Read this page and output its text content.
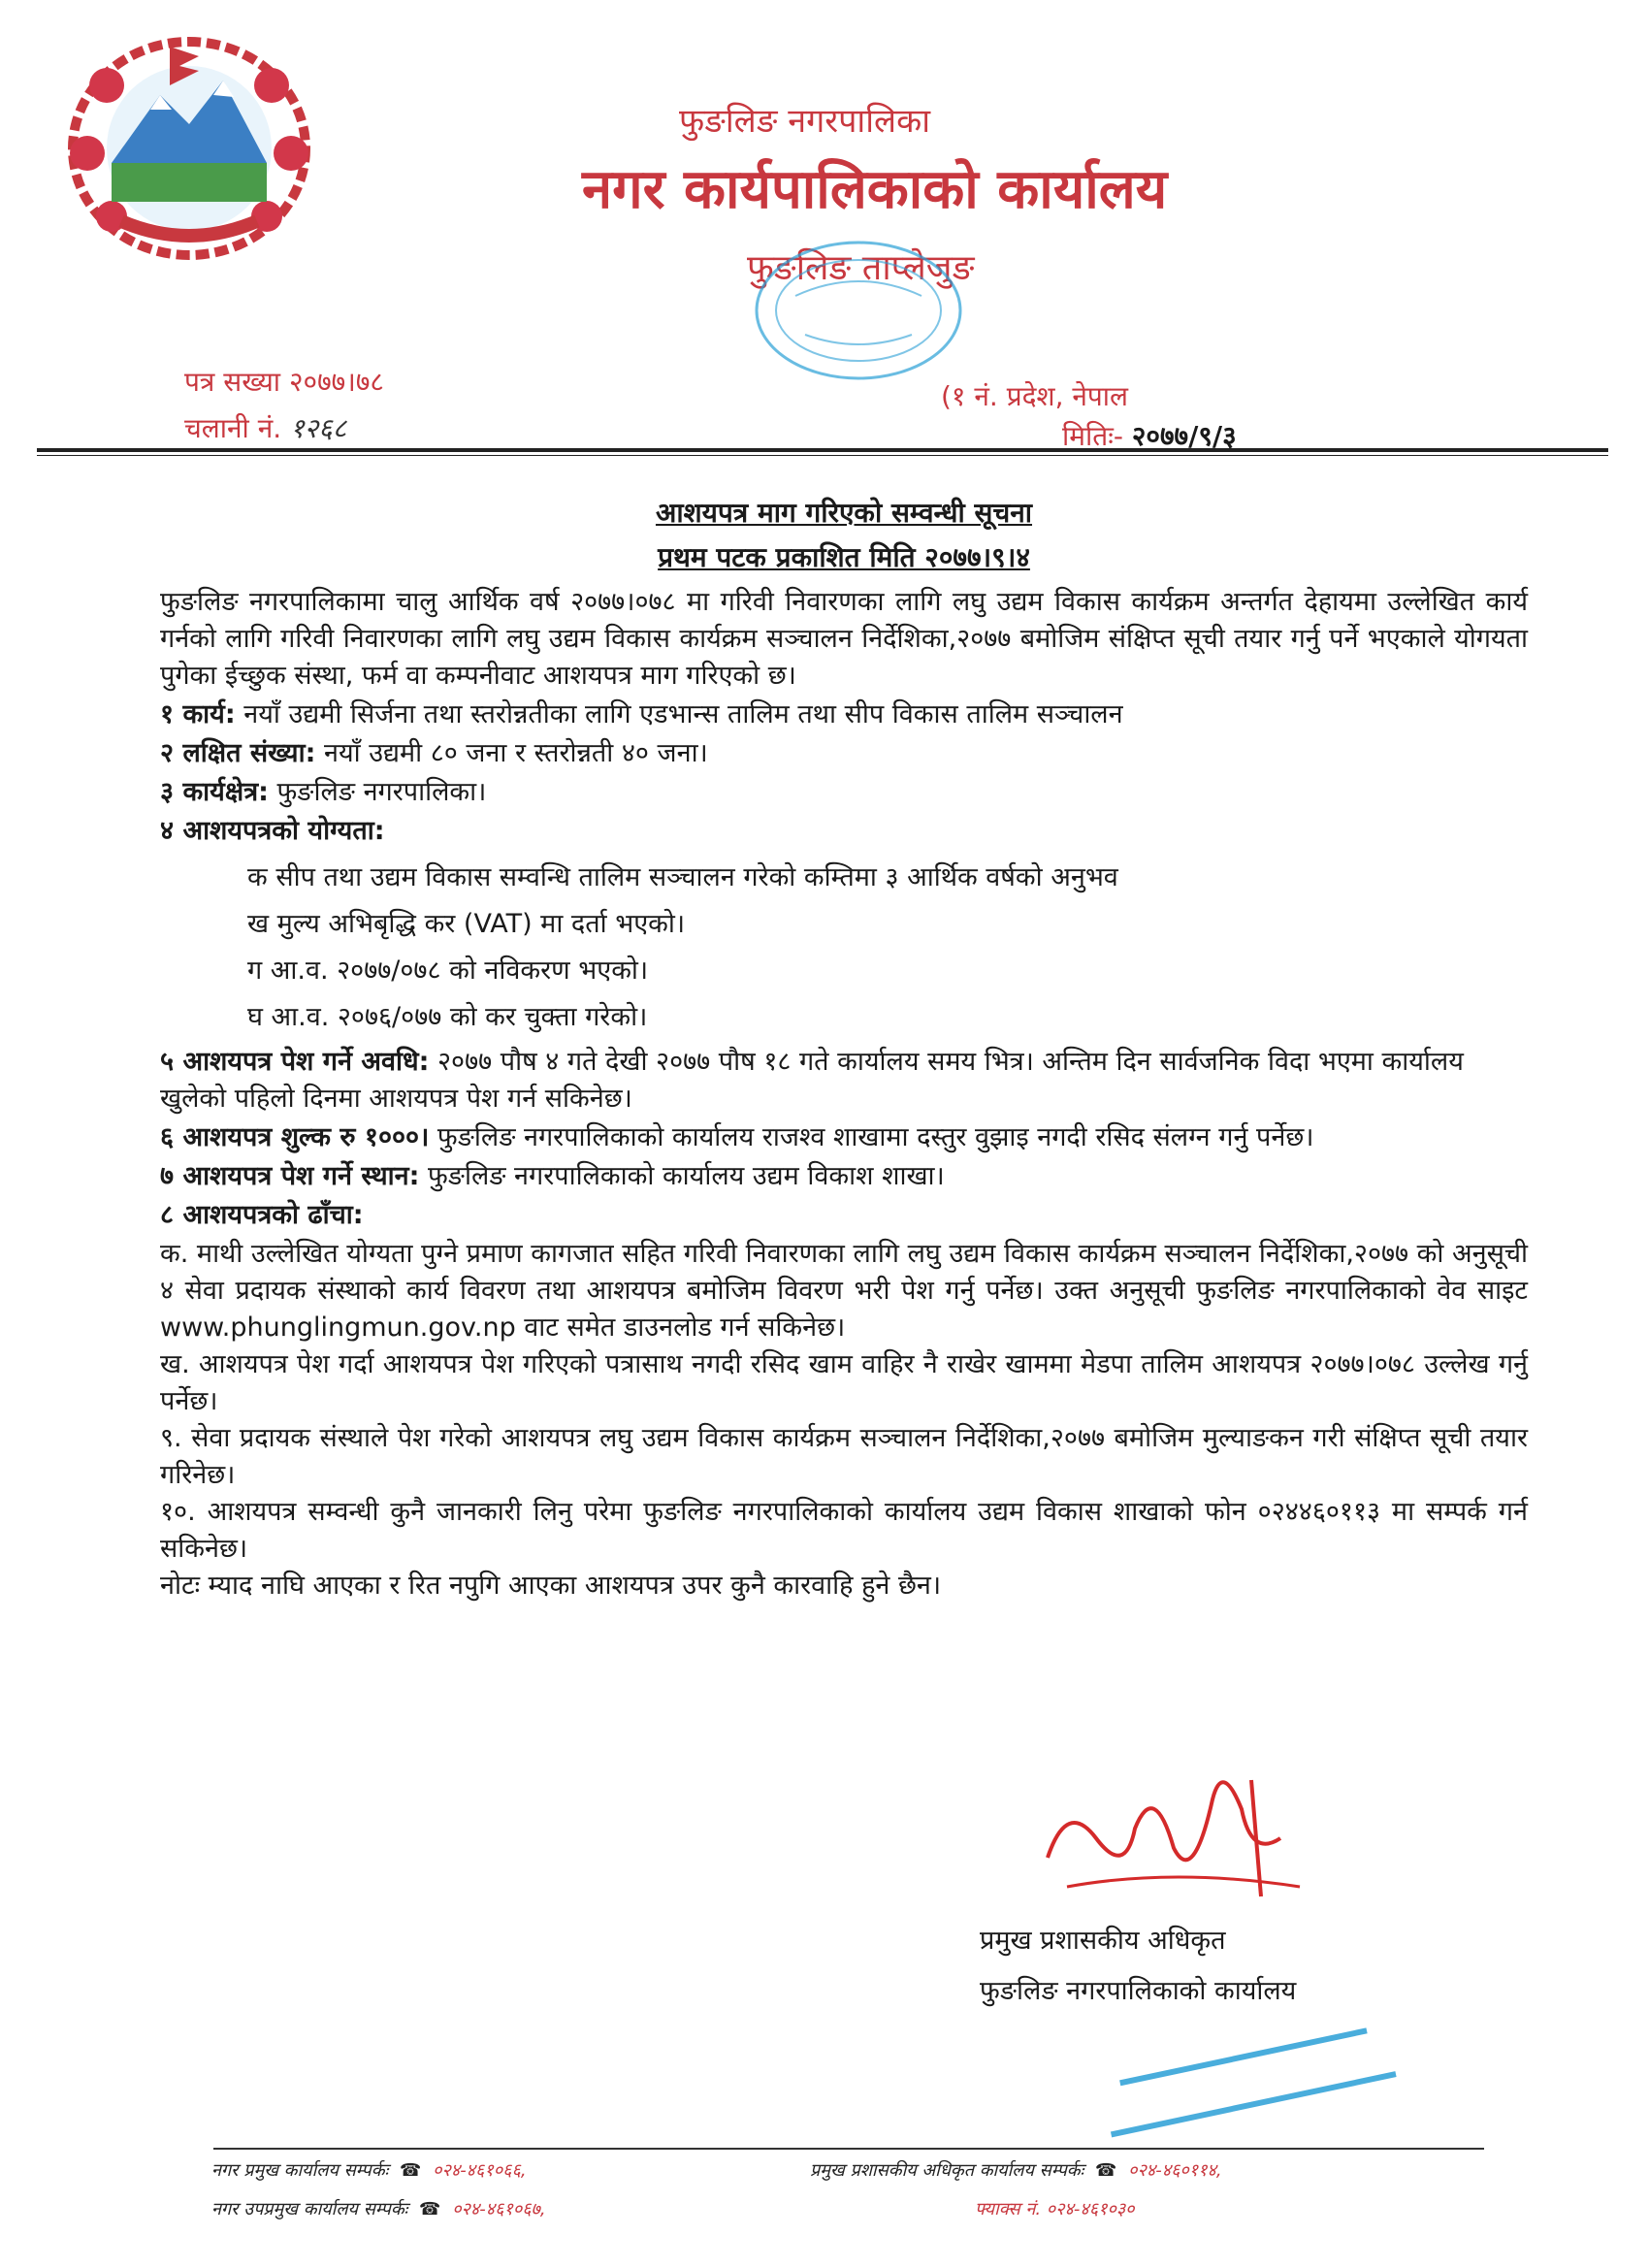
फुङलिङ नगरपालिका
नगर कार्यपालिकाको कार्यालय
फुङलिङ ताप्लेजुङ
पत्र सख्या २०७७।७८
चलानी नं. १२६८
(१ नं. प्रदेश, नेपाल
मितिः- २०७७/९/३

आशयपत्र माग गरिएको सम्वन्धी सूचना

प्रथम पटक प्रकाशित मिति २०७७।९।४

फुङलिङ नगरपालिकामा चालु आर्थिक वर्ष २०७७।०७८ मा गरिवी निवारणका लागि लघु उद्यम विकास कार्यक्रम अन्तर्गत देहायमा उल्लेखित कार्य गर्नको लागि गरिवी निवारणका लागि लघु उद्यम विकास कार्यक्रम सञ्चालन निर्देशिका,२०७७ बमोजिम संक्षिप्त सूची तयार गर्नु पर्ने भएकाले योगयता पुगेका ईच्छुक संस्था, फर्म वा कम्पनीवाट आशयपत्र माग गरिएको छ।

१ कार्य: नयाँ उद्यमी सिर्जना तथा स्तरोन्नतीका लागि एडभान्स तालिम तथा सीप विकास तालिम सञ्चालन

२ लक्षित संख्या: नयाँ उद्यमी ८० जना र स्तरोन्नती ४० जना।

३ कार्यक्षेत्र: फुङलिङ नगरपालिका।

४ आशयपत्रको योग्यता:

क सीप तथा उद्यम विकास सम्वन्धि तालिम सञ्चालन गरेको कम्तिमा ३ आर्थिक वर्षको अनुभव

ख मुल्य अभिबृद्धि कर (VAT) मा दर्ता भएको।

ग आ.व. २०७७/०७८ को नविकरण भएको।

घ आ.व. २०७६/०७७ को कर चुक्ता गरेको।

५ आशयपत्र पेश गर्ने अवधि: २०७७ पौष ४ गते देखी २०७७ पौष १८ गते कार्यालय समय भित्र। अन्तिम दिन सार्वजनिक विदा भएमा कार्यालय खुलेको पहिलो दिनमा आशयपत्र पेश गर्न सकिनेछ।

६ आशयपत्र शुल्क रु १०००। फुङलिङ नगरपालिकाको कार्यालय राजश्व शाखामा दस्तुर वुझाइ नगदी रसिद संलग्न गर्नु पर्नेछ।

७ आशयपत्र पेश गर्ने स्थान: फुङलिङ नगरपालिकाको कार्यालय उद्यम विकाश शाखा।

८ आशयपत्रको ढाँचा:

क. माथी उल्लेखित योग्यता पुग्ने प्रमाण कागजात सहित गरिवी निवारणका लागि लघु उद्यम विकास कार्यक्रम सञ्चालन निर्देशिका,२०७७ को अनुसूची ४ सेवा प्रदायक संस्थाको कार्य विवरण तथा आशयपत्र बमोजिम विवरण भरी पेश गर्नु पर्नेछ। उक्त अनुसूची फुङलिङ नगरपालिकाको वेव साइट www.phunglingmun.gov.np वाट समेत डाउनलोड गर्न सकिनेछ।

ख. आशयपत्र पेश गर्दा आशयपत्र पेश गरिएको पत्रासाथ नगदी रसिद खाम वाहिर नै राखेर खाममा मेडपा तालिम आशयपत्र २०७७।०७८ उल्लेख गर्नु पर्नेछ।

९. सेवा प्रदायक संस्थाले पेश गरेको आशयपत्र लघु उद्यम विकास कार्यक्रम सञ्चालन निर्देशिका,२०७७ बमोजिम मुल्याङकन गरी संक्षिप्त सूची तयार गरिनेछ।

१०. आशयपत्र सम्वन्धी कुनै जानकारी लिनु परेमा फुङलिङ नगरपालिकाको कार्यालय उद्यम विकास शाखाको फोन ०२४४६०११३ मा सम्पर्क गर्न सकिनेछ।

नोटः म्याद नाघि आएका र रित नपुगि आएका आशयपत्र उपर कुनै कारवाहि हुने छैन।

प्रमुख प्रशासकीय अधिकृत
फुङलिङ नगरपालिकाको कार्यालय
नगर प्रमुख कार्यालय सम्पर्कः ☎ ०२४-४६१०६६,
नगर उपप्रमुख कार्यालय सम्पर्कः ☎ ०२४-४६१०६७,
प्रमुख प्रशासकीय अधिकृत कार्यालय सम्पर्कः ☎ ०२४-४६०११४,
फ्याक्स नं. ०२४-४६१०३०
